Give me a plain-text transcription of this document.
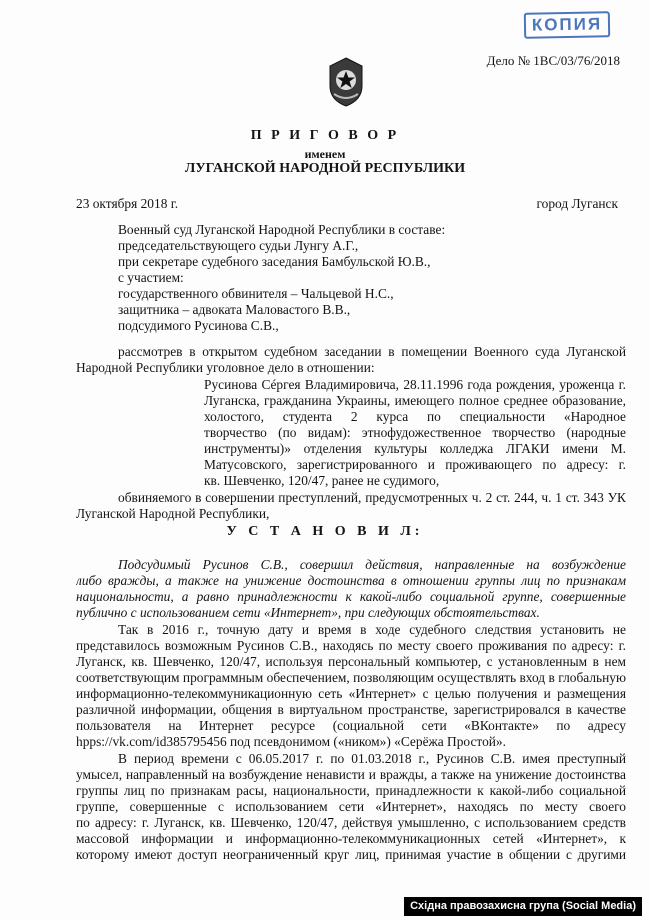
КОПИЯ
Дело № 1ВС/03/76/2018
П Р И Г О В О Р
именем
ЛУГАНСКОЙ НАРОДНОЙ РЕСПУБЛИКИ
23 октября 2018 г.	город Луганск
Военный суд Луганской Народной Республики в составе:
председательствующего судьи Лунгу А.Г.,
при секретаре судебного заседания Бамбульской Ю.В.,
с участием:
государственного обвинителя – Чальцевой Н.С.,
защитника – адвоката Маловастого В.В.,
подсудимого Русинова С.В.,
рассмотрев в открытом судебном заседании в помещении Военного суда Луганской
Народной Республики уголовное дело в отношении:
Русинова Сéргея Владимировича, 28.11.1996 года рождения, уроженца г.
Луганска, гражданина Украины, имеющего полное среднее образование,
холостого, студента 2 курса по специальности «Народное
творчество (по видам): этнофудожественное творчество (народные
инструменты)» отделения культуры колледжа ЛГАКИ имени М.
Матусовского, зарегистрированного и проживающего по адресу: г.
кв. Шевченко, 120/47, ранее не судимого,
обвиняемого в совершении преступлений, предусмотренных ч. 2 ст. 244, ч. 1 ст. 343 УК
Луганской Народной Республики,
У С Т А Н О В И Л:
Подсудимый Русинов С.В., совершил действия, направленные на возбуждение
либо вражды, а также на унижение достоинства в отношении группы лиц по признакам
национальности, а равно принадлежности к какой-либо социальной группе, совершенные
публично с использованием сети «Интернет», при следующих обстоятельствах.
Так в 2016 г., точную дату и время в ходе судебного следствия установить не
представилось возможным Русинов С.В., находясь по месту своего проживания по адресу: г.
Луганск, кв. Шевченко, 120/47, используя персональный компьютер, с установленным в нем
соответствующим программным обеспечением, позволяющим осуществлять вход в глобальную
информационно-телекоммуникационную сеть «Интернет» с целью получения и размещения
различной информации, общения в виртуальном пространстве, зарегистрировался в качестве
пользователя на Интернет ресурсе (социальной сети «ВКонтакте» по адресу
hpps://vk.com/id385795456 под псевдонимом («ником») «Серёжа Простой».
В период времени с 06.05.2017 г. по 01.03.2018 г., Русинов С.В. имея преступный
умысел, направленный на возбуждение ненависти и вражды, а также на унижение достоинства
группы лиц по признакам расы, национальности, принадлежности к какой-либо социальной
группе, совершенные с использованием сети «Интернет», находясь по месту своего
по адресу: г. Луганск, кв. Шевченко, 120/47, действуя умышленно, с использованием средств
массовой информации и информационно-телекоммуникационных сетей «Интернет», к
которому имеют доступ неограниченный круг лиц, принимая участие в общении с другими
Східна правозахисна група (Social Media)
